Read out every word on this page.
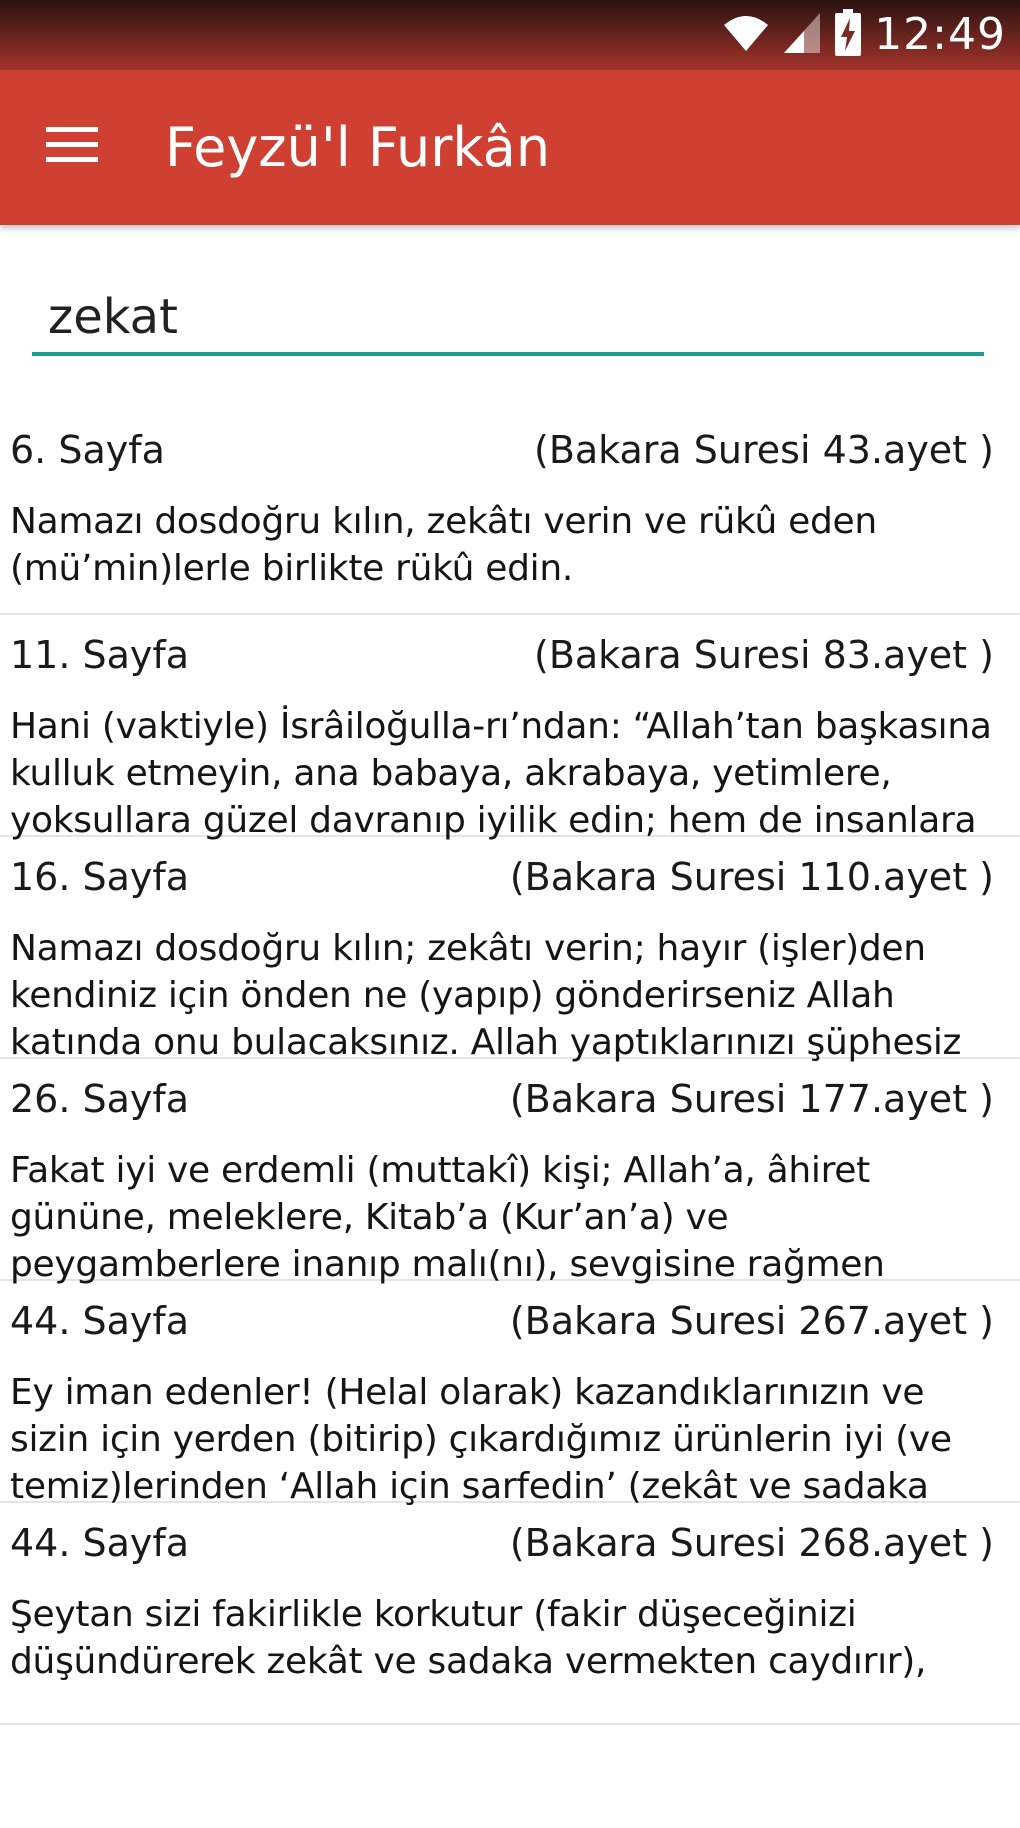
12:49
Feyzü'l Furkân
zekat
6. Sayfa	(Bakara Suresi 43.ayet )
Namazı dosdoğru kılın, zekâtı verin ve rükû eden (mü’min)lerle birlikte rükû edin.
11. Sayfa	(Bakara Suresi 83.ayet )
Hani (vaktiyle) İsrâiloğulla-rı’ndan: “Allah’tan başkasına kulluk etmeyin, ana babaya, akrabaya, yetimlere, yoksullara güzel davranıp iyilik edin; hem de insanlara
16. Sayfa	(Bakara Suresi 110.ayet )
Namazı dosdoğru kılın; zekâtı verin; hayır (işler)den kendiniz için önden ne (yapıp) gönderirseniz Allah katında onu bulacaksınız. Allah yaptıklarınızı şüphesiz
26. Sayfa	(Bakara Suresi 177.ayet )
Fakat iyi ve erdemli (muttakî) kişi; Allah’a, âhiret gününe, meleklere, Kitab’a (Kur’an’a) ve peygamberlere inanıp malı(nı), sevgisine rağmen
44. Sayfa	(Bakara Suresi 267.ayet )
Ey iman edenler! (Helal olarak) kazandıklarınızın ve sizin için yerden (bitirip) çıkardığımız ürünlerin iyi (ve temiz)lerinden ‘Allah için sarfedin’ (zekât ve sadaka
44. Sayfa	(Bakara Suresi 268.ayet )
Şeytan sizi fakirlikle korkutur (fakir düşeceğinizi düşündürerek zekât ve sadaka vermekten caydırır),
